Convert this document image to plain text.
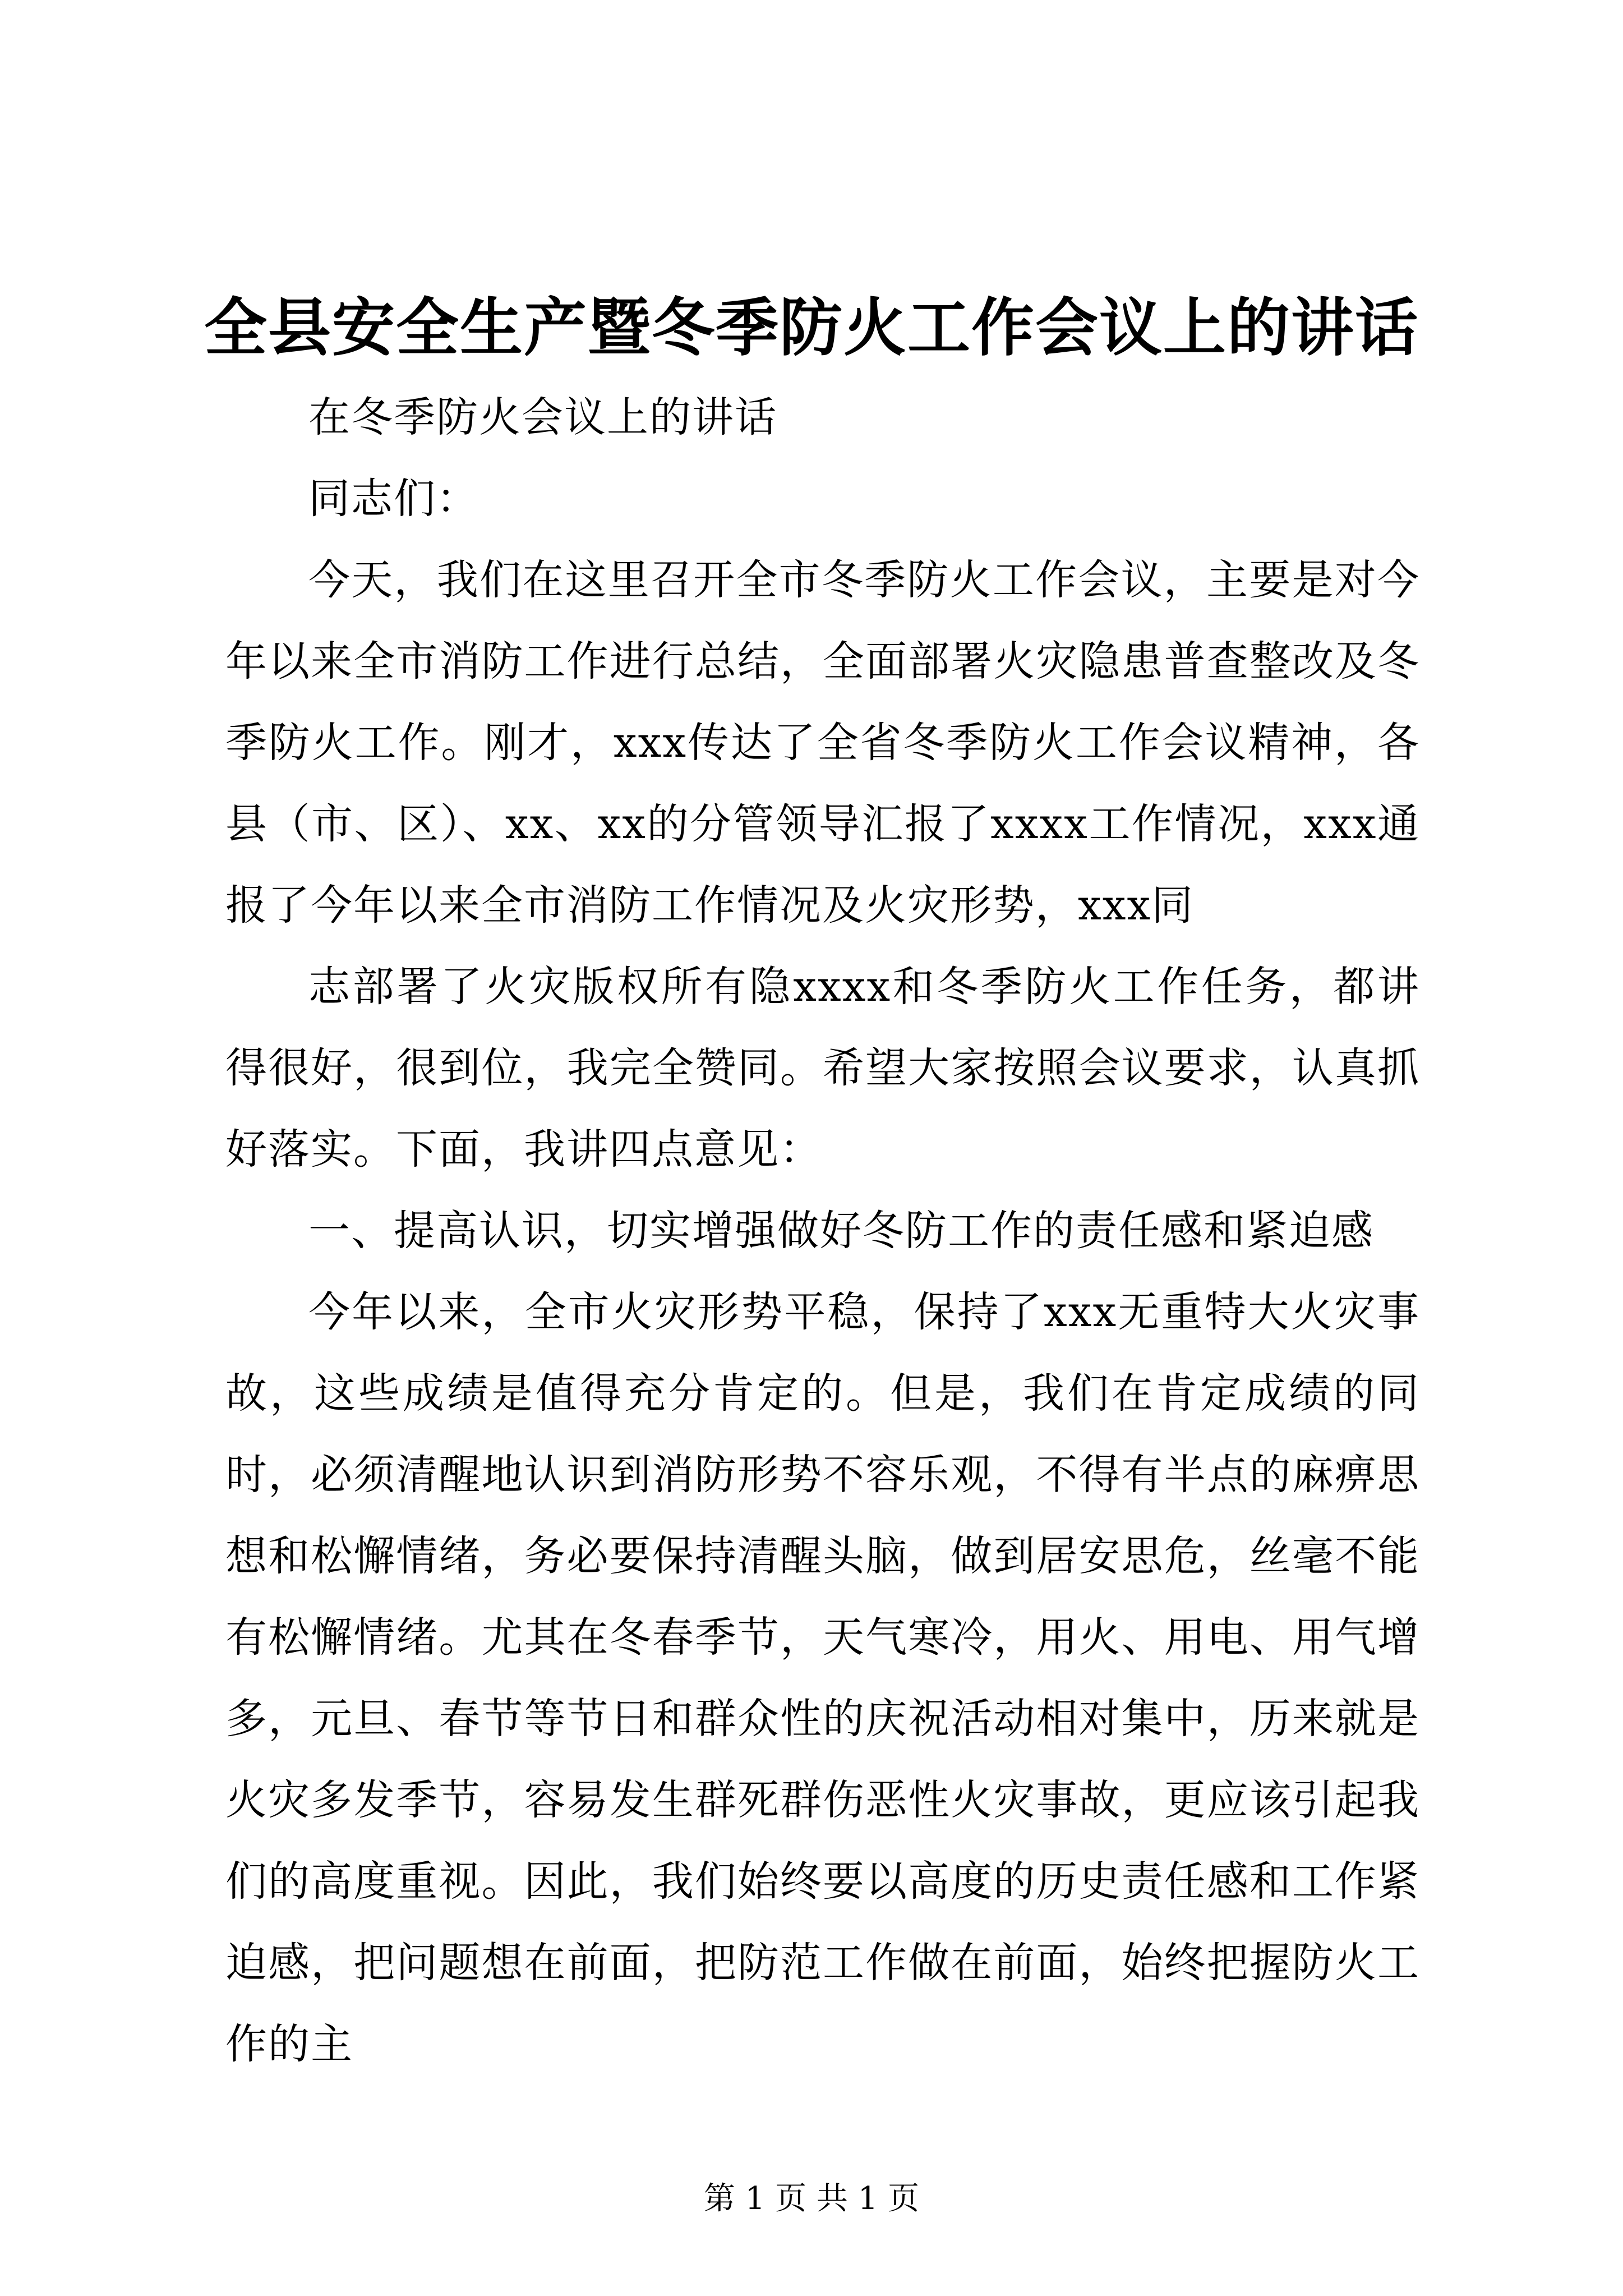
全县安全生产暨冬季防火工作会议上的讲话

在冬季防火会议上的讲话

同志们：

今天，我们在这里召开全市冬季防火工作会议，主要是对今年以来全市消防工作进行总结，全面部署火灾隐患普查整改及冬季防火工作。刚才，xxx传达了全省冬季防火工作会议精神，各县（市、区）、xx、xx的分管领导汇报了xxxx工作情况，xxx通报了今年以来全市消防工作情况及火灾形势，xxx同

志部署了火灾版权所有隐xxxx和冬季防火工作任务，都讲得很好，很到位，我完全赞同。希望大家按照会议要求，认真抓好落实。下面，我讲四点意见：

一、提高认识，切实增强做好冬防工作的责任感和紧迫感

今年以来，全市火灾形势平稳，保持了xxx无重特大火灾事故，这些成绩是值得充分肯定的。但是，我们在肯定成绩的同时，必须清醒地认识到消防形势不容乐观，不得有半点的麻痹思想和松懈情绪，务必要保持清醒头脑，做到居安思危，丝毫不能有松懈情绪。尤其在冬春季节，天气寒冷，用火、用电、用气增多，元旦、春节等节日和群众性的庆祝活动相对集中，历来就是火灾多发季节，容易发生群死群伤恶性火灾事故，更应该引起我们的高度重视。因此，我们始终要以高度的历史责任感和工作紧迫感，把问题想在前面，把防范工作做在前面，始终把握防火工作的主

第 1 页 共 1 页
